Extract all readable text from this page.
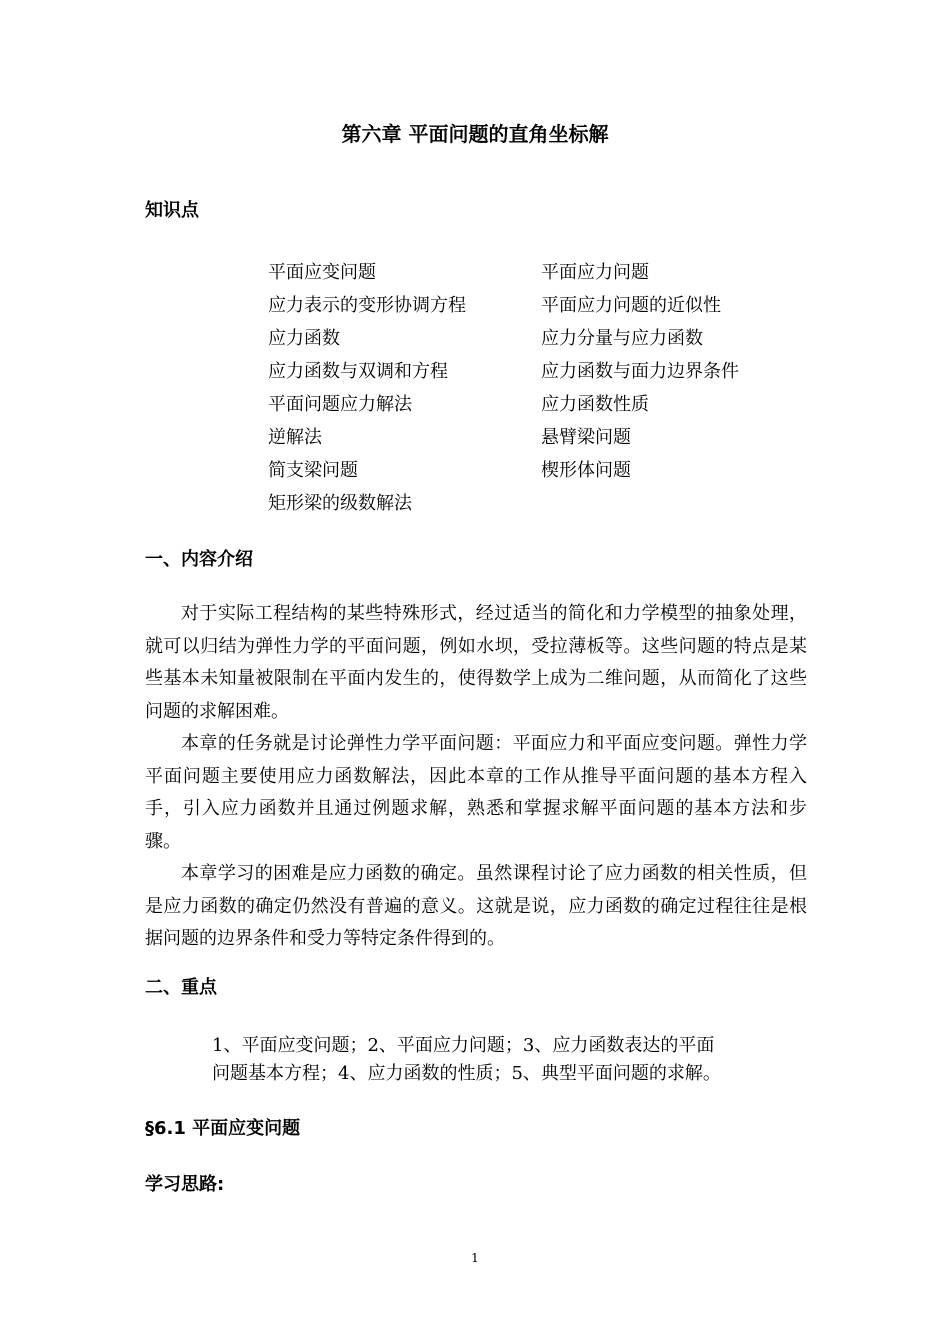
第六章 平面问题的直角坐标解
知识点
平面应变问题
应力表示的变形协调方程
应力函数
应力函数与双调和方程
平面问题应力解法
逆解法
简支梁问题
矩形梁的级数解法
平面应力问题
平面应力问题的近似性
应力分量与应力函数
应力函数与面力边界条件
应力函数性质
悬臂梁问题
楔形体问题
一、内容介绍

对于实际工程结构的某些特殊形式，经过适当的简化和力学模型的抽象处理，就可以归结为弹性力学的平面问题，例如水坝，受拉薄板等。这些问题的特点是某些基本未知量被限制在平面内发生的，使得数学上成为二维问题，从而简化了这些问题的求解困难。

本章的任务就是讨论弹性力学平面问题：平面应力和平面应变问题。弹性力学平面问题主要使用应力函数解法，因此本章的工作从推导平面问题的基本方程入手，引入应力函数并且通过例题求解，熟悉和掌握求解平面问题的基本方法和步骤。

本章学习的困难是应力函数的确定。虽然课程讨论了应力函数的相关性质，但是应力函数的确定仍然没有普遍的意义。这就是说，应力函数的确定过程往往是根据问题的边界条件和受力等特定条件得到的。

二、重点
1、平面应变问题；2、平面应力问题；3、应力函数表达的平面
问题基本方程；4、应力函数的性质；5、典型平面问题的求解。
§6.1 平面应变问题
学习思路:
1
